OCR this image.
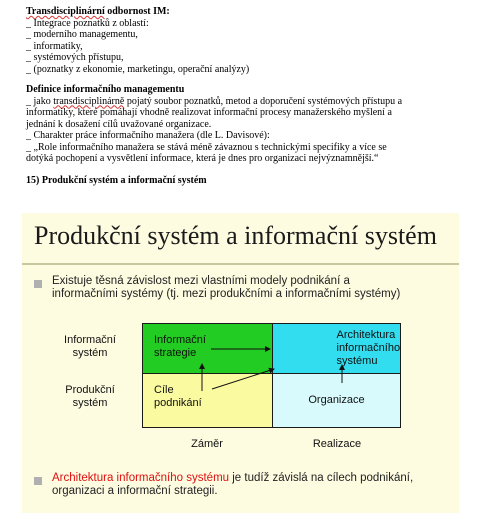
Transdisciplinární odbornost IM:

_ Integrace poznatků z oblastí:

_ moderního managementu,

_ informatiky,

_ systémových přístupu,

_ (poznatky z ekonomie, marketingu, operační analýzy)

Definice informačního managementu

_ jako transdisciplinárně pojatý soubor poznatků, metod a doporučení systémových přístupu a

informatiky, které pomáhají vhodně realizovat informační procesy manažerského myšlení a

jednání k dosažení cílů uvažované organizace.

_ Charakter práce informačního manažera (dle L. Davisové):

_ „Role informačního manažera se stává méně závaznou s technickými specifiky a více se

dotýká pochopení a vysvětlení informace, která je dnes pro organizaci nejvýznamnější.“

15) Produkční systém a informační systém

Produkční systém a informační systém
Existuje těsná závislost mezi vlastními modely podnikání a
informačními systémy (tj. mezi produkčními a informačními systémy)
Informační
systém
Produkční
systém
Informační

strategie
Architektura

informačního

systému
Cíle

podnikání	Organizace
Záměr	Realizace
Architektura informačního systému je tudíž závislá na cílech podnikání,
organizaci a informační strategii.
